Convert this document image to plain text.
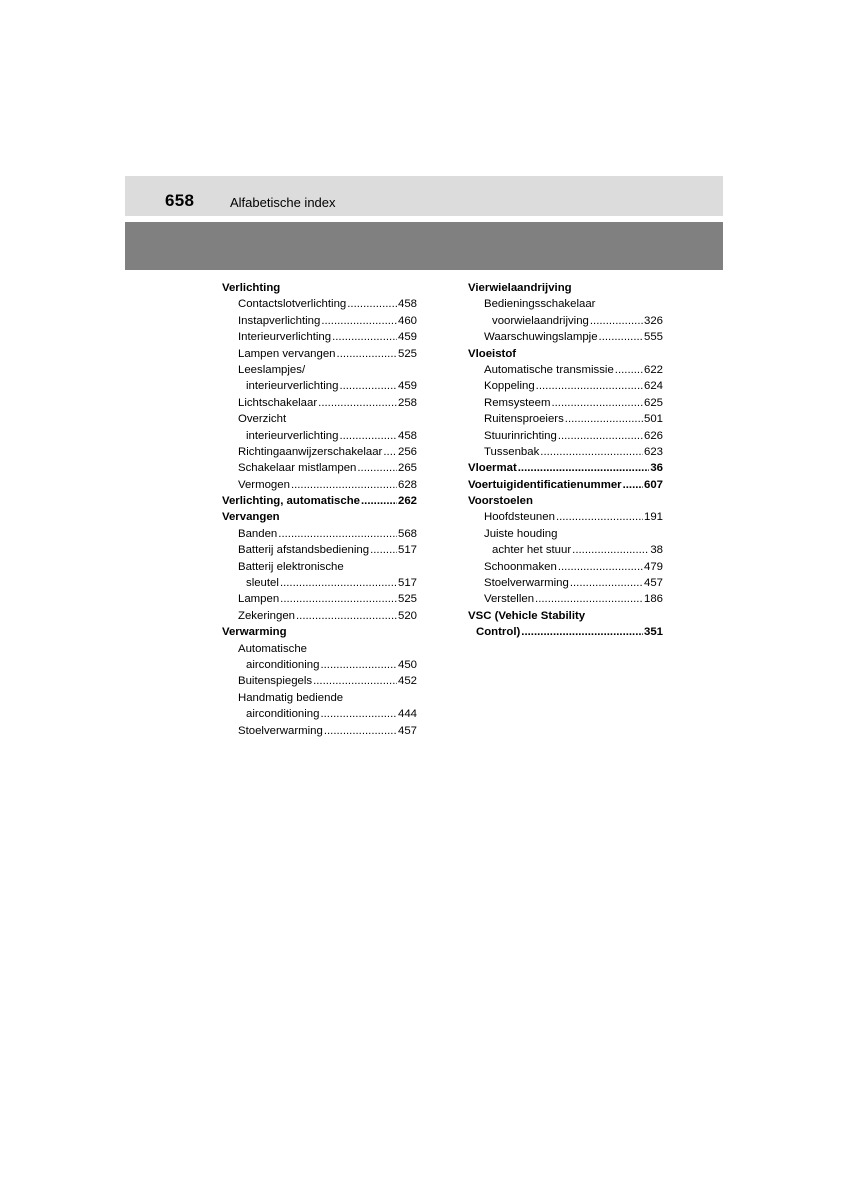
658	Alfabetische index
Verlichting
Contactslotverlichting .....	458
Instapverlichting .....	460
Interieurverlichting .....	459
Lampen vervangen .....	525
Leeslampjes/
interieurverlichting .....	459
Lichtschakelaar .....	258
Overzicht
interieurverlichting .....	458
Richtingaanwijzerschakelaar ..... 256
Schakelaar mistlampen .....	265
Vermogen .....	628
Verlichting, automatische .....	262
Vervangen
Banden .....	568
Batterij afstandsbediening .....	517
Batterij elektronische
sleutel .....	517
Lampen .....	525
Zekeringen .....	520
Verwarming
Automatische
airconditioning .....	450
Buitenspiegels .....	452
Handmatig bediende
airconditioning .....	444
Stoelverwarming .....	457
Vierwielaandrijving
Bedieningsschakelaar
voorwielaandrijving .....	326
Waarschuwingslampje .....	555
Vloeistof
Automatische transmissie .....	622
Koppeling .....	624
Remsysteem .....	625
Ruitensproeiers .....	501
Stuurinrichting .....	626
Tussenbak .....	623
Vloermat .....	36
Voertuigidentificatienummer ..... 607
Voorstoelen
Hoofdsteunen .....	191
Juiste houding
achter het stuur .....	38
Schoonmaken .....	479
Stoelverwarming .....	457
Verstellen .....	186
VSC (Vehicle Stability
Control) .....	351
